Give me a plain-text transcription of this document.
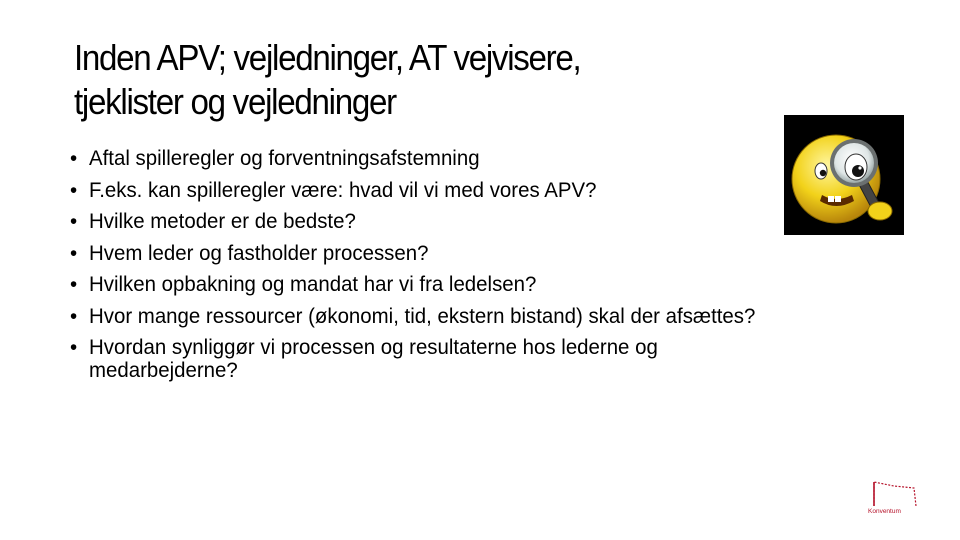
Inden APV; vejledninger, AT vejvisere,
tjeklister og vejledninger
• Aftal spilleregler og forventningsafstemning
• F.eks. kan spilleregler være: hvad vil vi med vores APV?
• Hvilke metoder er de bedste?
• Hvem leder og fastholder processen?
• Hvilken opbakning og mandat har vi fra ledelsen?
• Hvor mange ressourcer (økonomi, tid, ekstern bistand) skal der afsættes?
• Hvordan synliggør vi processen og resultaterne hos lederne og medarbejderne?
Konventum
